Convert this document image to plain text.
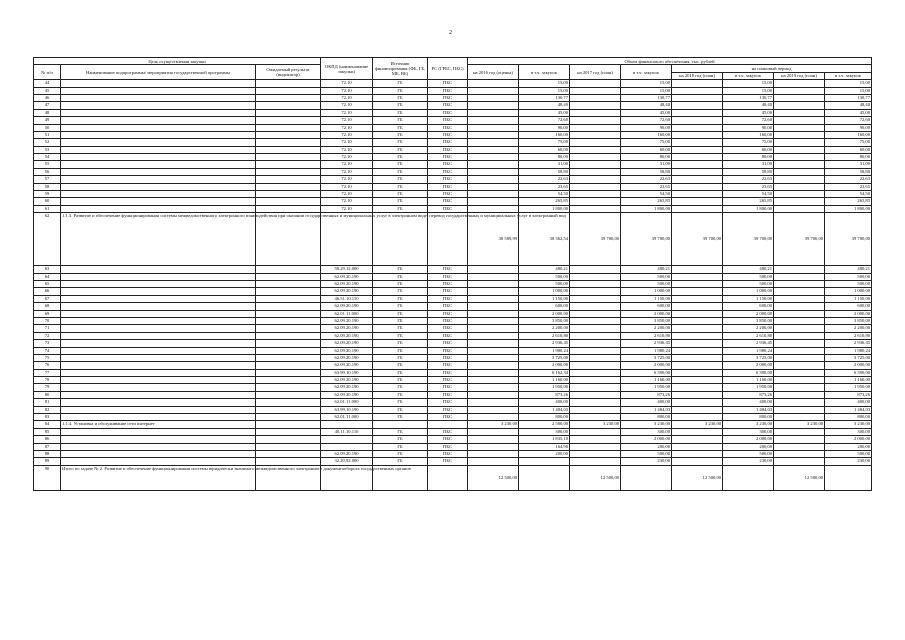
2
Цель осуществления закупки			ОКПД (наименование закупки)	Источник финансирования (ФБ, ГБ, МБ, ВБ)	РС (ГРБС, ПБС)	Объем финансового обеспечения, тыс. рублей							
№ п/п	Наименование подпрограммы/ мероприятия государственной программы	Ожидаемый результат (индикатор)				на 2016 год (оценка)	в т.ч. закупок	на 2017 год (план)	в т.ч. закупок	на плановый период			
										на 2018 год (план)	в т.ч. закупок	на 2019 год (план)	в т.ч. закупок
44			72.10	ГБ	ПБС		15,00		15,00		15,00		15,00
45			72.10	ГБ	ПБС		15,00		15,00		15,00		15,00
46			72.10	ГБ	ПБС		130,77		130,77		130,77		130,77
47			72.10	ГБ	ПБС		48,40		48,40		48,40		48,40
48			72.10	ГБ	ПБС		45,00		45,00		45,00		45,00
49			72.10	ГБ	ПБС		72,60		72,60		72,60		72,60
50			72.10	ГБ	ПБС		90,00		90,00		90,00		90,00
51			72.10	ГБ	ПБС		160,00		160,00		160,00		160,00
52			72.10	ГБ	ПБС		75,00		75,00		75,00		75,00
53			72.10	ГБ	ПБС		60,00		60,00		60,00		60,00
54			72.10	ГБ	ПБС		80,00		80,00		80,00		80,00
55			72.10	ГБ	ПБС		31,00		31,00		31,00		31,00
56			72.10	ГБ	ПБС		58,80		58,80		58,80		58,80
57			72.10	ГБ	ПБС		22,63		22,63		22,63		22,63
58			72.10	ГБ	ПБС		23,65		23,65		23,65		23,65
59			72.10	ГБ	ПБС		54,50		54,50		54,50		54,50
60			72.10	ГБ	ПБС		265,85		265,85		265,85		265,85
61			72.10	ГБ	ПБС		1 800,00		1 800,00		1 800,00		1 800,00
62	1.1.3. Развитие и обеспечение функционирования системы межведомственного электронного взаимодействия при оказании государственных и муниципальных услуг в электронном виде, перевод государственных и муниципальных услуг в электронный вид					38 589,99	38 362,54	39 700,00	39 700,00	39 700,00	39 700,00	39 700,00	39 700,00
63			58.29.12.000	ГБ	ПБС		480,21		480,21		480,21		480,21
64			62.09.20.190	ГБ	ПБС		500,00		500,00		500,00		500,00
65			62.09.20.190	ГБ	ПБС		500,00		500,00		500,00		500,00
66			62.09.20.190	ГБ	ПБС		1 000,00		1 000,00		1 000,00		1 000,00
67			46.51.10.110	ГБ	ПБС		1 150,00		1 150,00		1 150,00		1 150,00
68			62.09.20.190	ГБ	ПБС		600,00		600,00		600,00		600,00
69			62.01.11.000	ГБ	ПБС		2 000,00		2 000,00		2 000,00		2 000,00
70			62.09.20.190	ГБ	ПБС		3 850,00		3 850,00		3 850,00		3 850,00
71			62.09.20.190	ГБ	ПБС		2 200,00		2 200,00		2 200,00		2 200,00
72			62.09.20.190	ГБ	ПБС		2 610,80		2 610,80		2 610,80		2 610,80
73			62.09.20.190	ГБ	ПБС		2 936,45		2 936,45		2 936,45		2 936,45
74			62.09.20.190	ГБ	ПБС		1 980,24		1 980,24		1 980,24		1 980,24
75			62.09.20.190	ГБ	ПБС		3 725,00		3 725,00		3 725,00		3 725,00
76			62.09.20.190	ГБ	ПБС		2 000,00		2 000,00		2 000,00		2 000,00
77			63.99.10.190	ГБ	ПБС		6 162,34		6 390,00		6 390,00		6 390,00
78			62.09.20.190	ГБ	ПБС		1 160,00		1 160,00		1 160,00		1 160,00
79			62.09.20.190	ГБ	ПБС		1 950,00		1 950,00		1 950,00		1 950,00
80			62.09.20.190	ГБ	ПБС		873,26		873,26		873,26		873,26
81			62.01.11.000	ГБ	ПБС		400,00		400,00		400,00		400,00
82			63.99.10.190	ГБ	ПБС		1 484,03		1 484,03		1 484,03		1 484,03
83			62.01.11.000	ГБ	ПБС		800,00		800,00		800,00		800,00
84	1.1.4. Установка и обслуживание сети интернет					3 230,00	2 500,00	3 230,00	3 230,00	3 230,00	3 230,00	3 230,00	3 230,00
85			40.11.10.110	ГБ	ПБС		300,00		300,00		300,00		300,00
86				ГБ	ПБС		1 835,10		2 000,00		2 000,00		2 000,00
87				ГБ	ПБС		164,90		200,00		200,00		200,00
88			62.09.20.190	ГБ	ПБС		200,00		500,00		500,00		500,00
89			32.20.92.000	ГБ	ПБС				230,00		230,00		230,00
90	Итого по задаче № 2. Развитие и обеспечение функционирования системы юридически значимого межведомственного электронного документооборота государственных органов					12 500,00		12 500,00		12 500,00		12 500,00	
